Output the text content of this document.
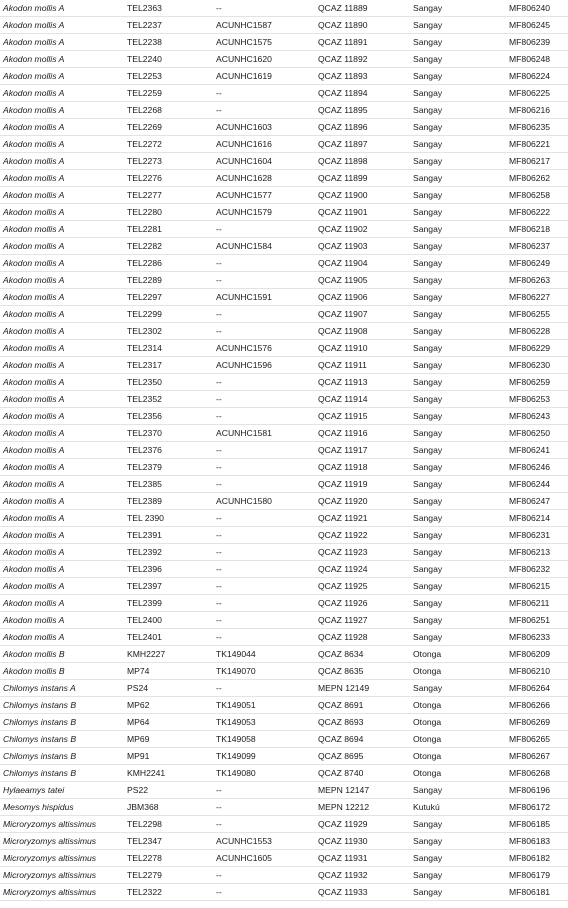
Akodon mollis A	TEL2363	--	QCAZ 11889	Sangay	MF806240
Akodon mollis A	TEL2237	ACUNHC1587	QCAZ 11890	Sangay	MF806245
Akodon mollis A	TEL2238	ACUNHC1575	QCAZ 11891	Sangay	MF806239
Akodon mollis A	TEL2240	ACUNHC1620	QCAZ 11892	Sangay	MF806248
Akodon mollis A	TEL2253	ACUNHC1619	QCAZ 11893	Sangay	MF806224
Akodon mollis A	TEL2259	--	QCAZ 11894	Sangay	MF806225
Akodon mollis A	TEL2268	--	QCAZ 11895	Sangay	MF806216
Akodon mollis A	TEL2269	ACUNHC1603	QCAZ 11896	Sangay	MF806235
Akodon mollis A	TEL2272	ACUNHC1616	QCAZ 11897	Sangay	MF806221
Akodon mollis A	TEL2273	ACUNHC1604	QCAZ 11898	Sangay	MF806217
Akodon mollis A	TEL2276	ACUNHC1628	QCAZ 11899	Sangay	MF806262
Akodon mollis A	TEL2277	ACUNHC1577	QCAZ 11900	Sangay	MF806258
Akodon mollis A	TEL2280	ACUNHC1579	QCAZ 11901	Sangay	MF806222
Akodon mollis A	TEL2281	--	QCAZ 11902	Sangay	MF806218
Akodon mollis A	TEL2282	ACUNHC1584	QCAZ 11903	Sangay	MF806237
Akodon mollis A	TEL2286	--	QCAZ 11904	Sangay	MF806249
Akodon mollis A	TEL2289	--	QCAZ 11905	Sangay	MF806263
Akodon mollis A	TEL2297	ACUNHC1591	QCAZ 11906	Sangay	MF806227
Akodon mollis A	TEL2299	--	QCAZ 11907	Sangay	MF806255
Akodon mollis A	TEL2302	--	QCAZ 11908	Sangay	MF806228
Akodon mollis A	TEL2314	ACUNHC1576	QCAZ 11910	Sangay	MF806229
Akodon mollis A	TEL2317	ACUNHC1596	QCAZ 11911	Sangay	MF806230
Akodon mollis A	TEL2350	--	QCAZ 11913	Sangay	MF806259
Akodon mollis A	TEL2352	--	QCAZ 11914	Sangay	MF806253
Akodon mollis A	TEL2356	--	QCAZ 11915	Sangay	MF806243
Akodon mollis A	TEL2370	ACUNHC1581	QCAZ 11916	Sangay	MF806250
Akodon mollis A	TEL2376	--	QCAZ 11917	Sangay	MF806241
Akodon mollis A	TEL2379	--	QCAZ 11918	Sangay	MF806246
Akodon mollis A	TEL2385	--	QCAZ 11919	Sangay	MF806244
Akodon mollis A	TEL2389	ACUNHC1580	QCAZ 11920	Sangay	MF806247
Akodon mollis A	TEL 2390	--	QCAZ 11921	Sangay	MF806214
Akodon mollis A	TEL2391	--	QCAZ 11922	Sangay	MF806231
Akodon mollis A	TEL2392	--	QCAZ 11923	Sangay	MF806213
Akodon mollis A	TEL2396	--	QCAZ 11924	Sangay	MF806232
Akodon mollis A	TEL2397	--	QCAZ 11925	Sangay	MF806215
Akodon mollis A	TEL2399	--	QCAZ 11926	Sangay	MF806211
Akodon mollis A	TEL2400	--	QCAZ 11927	Sangay	MF806251
Akodon mollis A	TEL2401	--	QCAZ 11928	Sangay	MF806233
Akodon mollis B	KMH2227	TK149044	QCAZ 8634	Otonga	MF806209
Akodon mollis B	MP74	TK149070	QCAZ 8635	Otonga	MF806210
Chilomys instans A	PS24	--	MEPN 12149	Sangay	MF806264
Chilomys instans B	MP62	TK149051	QCAZ 8691	Otonga	MF806266
Chilomys instans B	MP64	TK149053	QCAZ 8693	Otonga	MF806269
Chilomys instans B	MP69	TK149058	QCAZ 8694	Otonga	MF806265
Chilomys instans B	MP91	TK149099	QCAZ 8695	Otonga	MF806267
Chilomys instans B	KMH2241	TK149080	QCAZ 8740	Otonga	MF806268
Hylaeamys tatei	PS22	--	MEPN 12147	Sangay	MF806196
Mesomys hispidus	JBM368	--	MEPN 12212	Kutukú	MF806172
Microryzomys altissimus	TEL2298	--	QCAZ 11929	Sangay	MF806185
Microryzomys altissimus	TEL2347	ACUNHC1553	QCAZ 11930	Sangay	MF806183
Microryzomys altissimus	TEL2278	ACUNHC1605	QCAZ 11931	Sangay	MF806182
Microryzomys altissimus	TEL2279	--	QCAZ 11932	Sangay	MF806179
Microryzomys altissimus	TEL2322	--	QCAZ 11933	Sangay	MF806181
